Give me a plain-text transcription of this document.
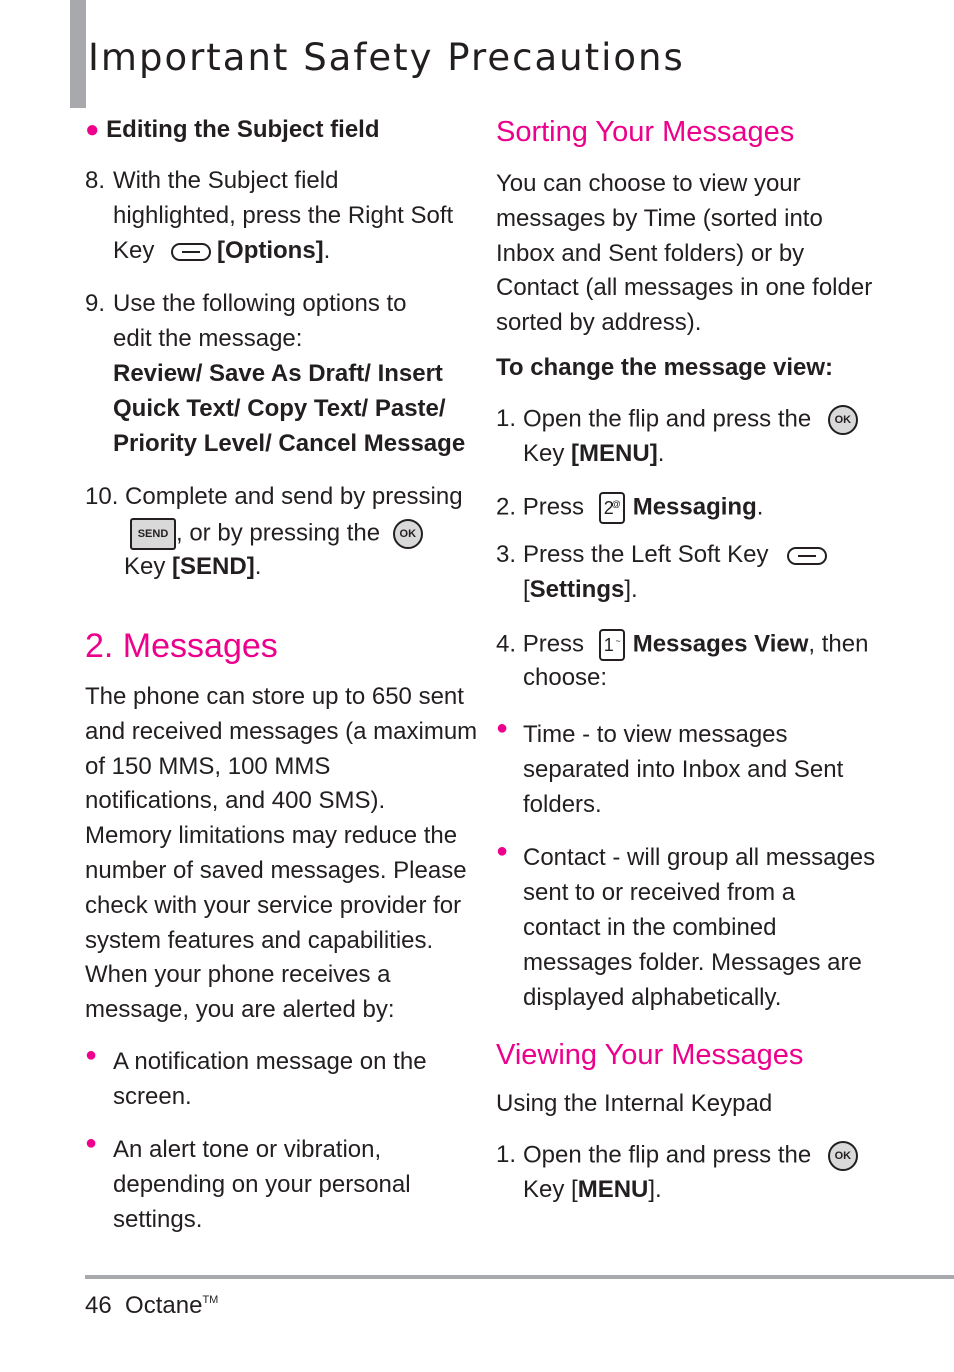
Important Safety Precautions
● Editing the Subject field
8. With the Subject field
highlighted, press the Right Soft
Key	[Options].
9. Use the following options to
edit the message:
Review/ Save As Draft/ Insert
Quick Text/ Copy Text/ Paste/
Priority Level/ Cancel Message
10. Complete and send by pressing
SEND , or by pressing the OK
Key [SEND].
2. Messages
The phone can store up to 650 sent
and received messages (a maximum
of 150 MMS, 100 MMS
notifications, and 400 SMS).
Memory limitations may reduce the
number of saved messages. Please
check with your service provider for
system features and capabilities.
When your phone receives a
message, you are alerted by:
● A notification message on the
screen.
● An alert tone or vibration,
depending on your personal
settings.
Sorting Your Messages
You can choose to view your
messages by Time (sorted into
Inbox and Sent folders) or by
Contact (all messages in one folder
sorted by address).
To change the message view:
1. Open the flip and press the OK
Key [MENU].
2. Press 2
@ Messaging.
3. Press the Left Soft Key
[Settings].
4. Press 1 ~ Messages View, then
choose:
● Time - to view messages
separated into Inbox and Sent
folders.
● Contact - will group all messages
sent to or received from a
contact in the combined
messages folder. Messages are
displayed alphabetically.
Viewing Your Messages
Using the Internal Keypad
1. Open the flip and press the OK
Key [MENU].
46 Octane™
